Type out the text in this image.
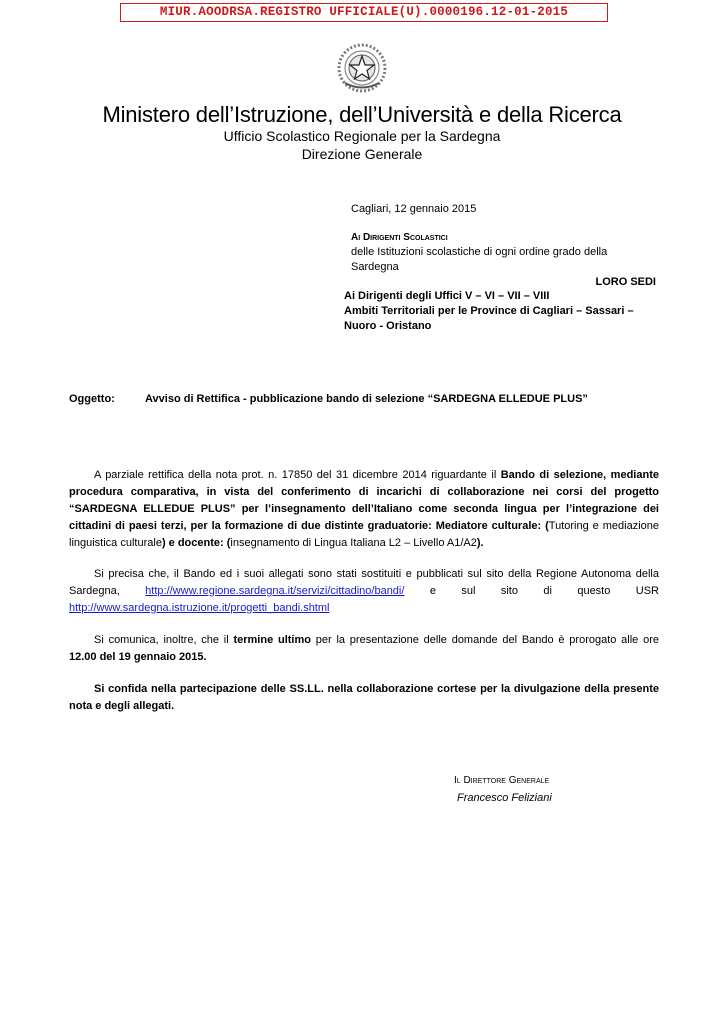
MIUR.AOODRSA.REGISTRO UFFICIALE(U).0000196.12-01-2015
Ministero dell’Istruzione, dell’Università e della Ricerca
Ufficio Scolastico Regionale per la Sardegna
Direzione Generale
Cagliari, 12 gennaio 2015
Ai Dirigenti Scolastici
delle Istituzioni scolastiche di ogni ordine grado della
Sardegna
LORO SEDI
Ai Dirigenti degli Uffici V – VI – VII – VIII
Ambiti Territoriali per le Province di Cagliari – Sassari –
Nuoro - Oristano
Oggetto:	Avviso di Rettifica - pubblicazione bando di selezione “SARDEGNA ELLEDUE PLUS”
A parziale rettifica della nota prot. n. 17850 del 31 dicembre 2014 riguardante il Bando di selezione, mediante procedura comparativa, in vista del conferimento di incarichi di collaborazione nei corsi del progetto “SARDEGNA ELLEDUE PLUS” per l’insegnamento dell’Italiano come seconda lingua per l’integrazione dei cittadini di paesi terzi, per la formazione di due distinte graduatorie: Mediatore culturale: (Tutoring e mediazione linguistica culturale) e docente: (insegnamento di Lingua Italiana L2 – Livello A1/A2).
Si precisa che, il Bando ed i suoi allegati sono stati sostituiti e pubblicati sul sito della Regione Autonoma della Sardegna, http://www.regione.sardegna.it/servizi/cittadino/bandi/ e sul sito di questo USR http://www.sardegna.istruzione.it/progetti_bandi.shtml
Si comunica, inoltre, che il termine ultimo per la presentazione delle domande del Bando è prorogato alle ore 12.00 del 19 gennaio 2015.
Si confida nella partecipazione delle SS.LL. nella collaborazione cortese per la divulgazione della presente nota e degli allegati.
Il Direttore Generale
Francesco Feliziani
